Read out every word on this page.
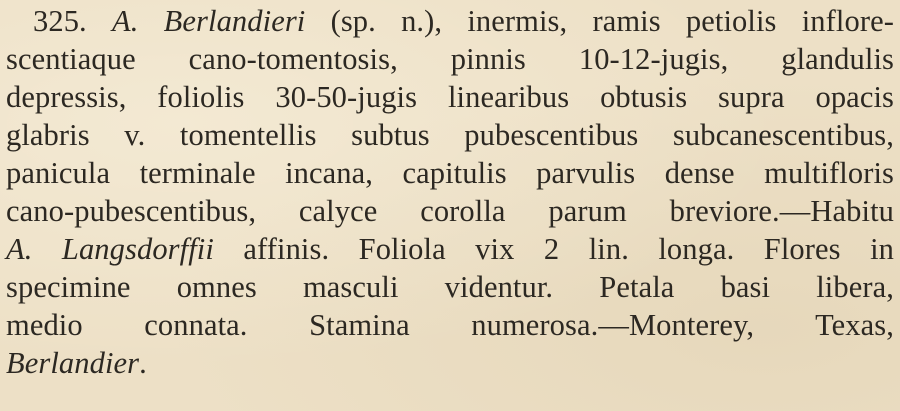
325. A. Berlandieri (sp. n.), inermis, ramis petiolis inflore-
scentiaque cano-tomentosis, pinnis 10-12-jugis, glandulis
depressis, foliolis 30-50-jugis linearibus obtusis supra opacis
glabris v. tomentellis subtus pubescentibus subcanescentibus,
panicula terminale incana, capitulis parvulis dense multifloris
cano-pubescentibus, calyce corolla parum breviore.—Habitu
A. Langsdorffii affinis. Foliola vix 2 lin. longa. Flores in
specimine omnes masculi videntur. Petala basi libera,
medio connata. Stamina numerosa.—Monterey, Texas,
Berlandier.
